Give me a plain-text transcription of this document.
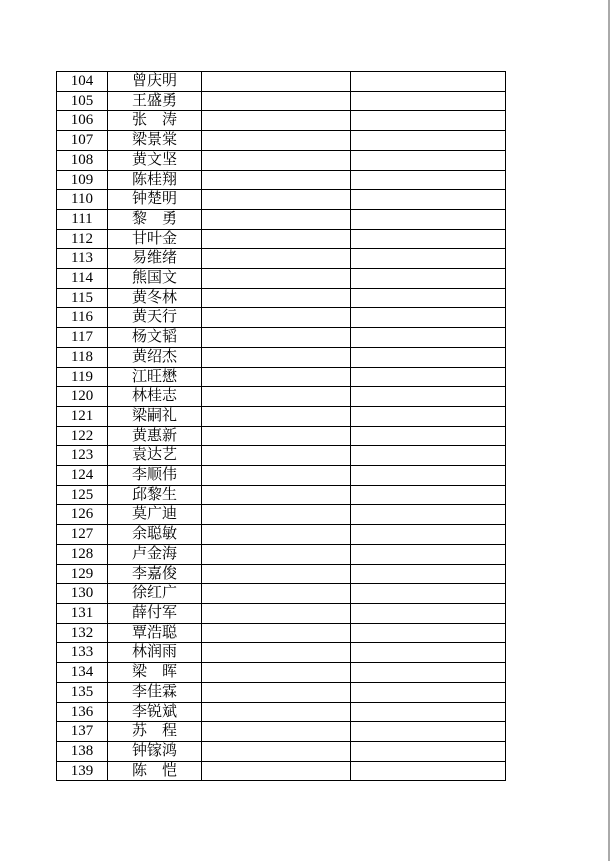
104	曾庆明		
105	王盛勇		
106	张　涛		
107	梁景棠		
108	黄文坚		
109	陈桂翔		
110	钟楚明		
111	黎　勇		
112	甘叶金		
113	易维绪		
114	熊国文		
115	黄冬林		
116	黄天行		
117	杨文韬		
118	黄绍杰		
119	江旺懋		
120	林桂志		
121	梁嗣礼		
122	黄惠新		
123	袁达艺		
124	李顺伟		
125	邱黎生		
126	莫广迪		
127	余聪敏		
128	卢金海		
129	李嘉俊		
130	徐红广		
131	薛付军		
132	覃浩聪		
133	林润雨		
134	梁　晖		
135	李佳霖		
136	李锐斌		
137	苏　程		
138	钟镓鸿		
139	陈　恺		
